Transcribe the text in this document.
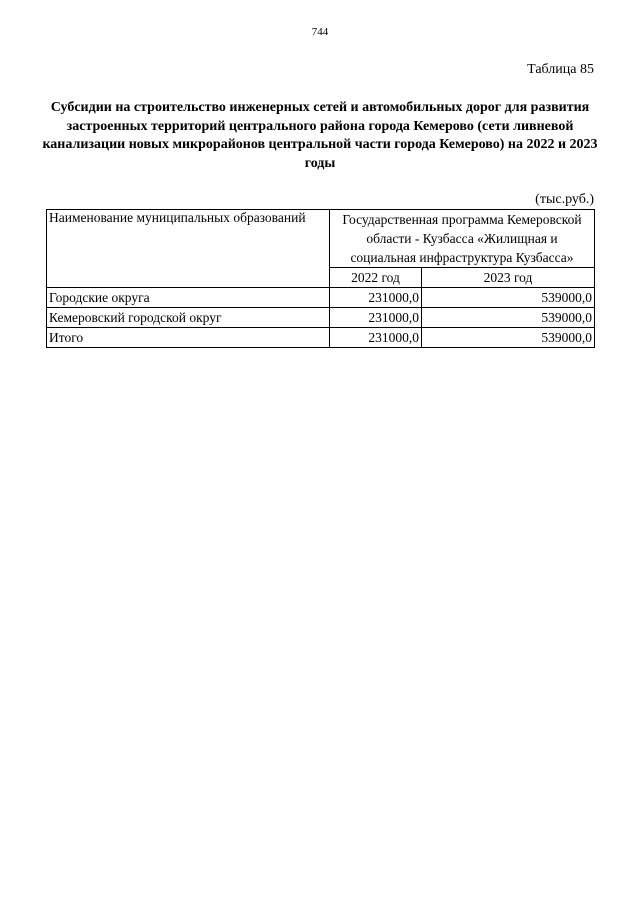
744
Таблица 85
Субсидии на строительство инженерных сетей и автомобильных дорог для развития застроенных территорий центрального района города Кемерово (сети ливневой канализации новых микрорайонов центральной части города Кемерово) на 2022 и 2023 годы
(тыс.руб.)
Наименование муниципальных образований	Государственная программа Кемеровской области - Кузбасса «Жилищная и социальная инфраструктура Кузбасса»	
	2022 год	2023 год
Городские округа	231000,0	539000,0
Кемеровский городской округ	231000,0	539000,0
Итого	231000,0	539000,0
